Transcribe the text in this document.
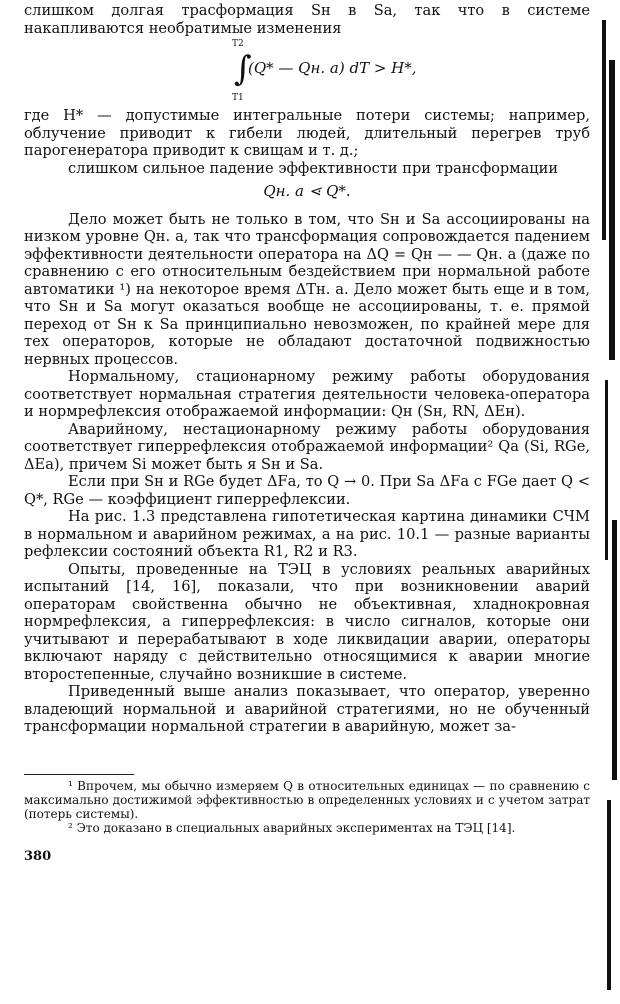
слишком долгая трасформация Sн в Sа, так что в системе накапливаются необратимые изменения

T2
∫
T1
(Q* — Qн. а) dT > H*,

где H* — допустимые интегральные потери системы; например, облучение приводит к гибели людей, длительный перегрев труб парогенератора приводит к свищам и т. д.;

слишком сильное падение эффективности при трансформации

Qн. а ⋖ Q*.

Дело может быть не только в том, что Sн и Sа ассоциированы на низком уровне Qн. а, так что трансформация сопровождается падением эффективности деятельности оператора на ΔQ = Qн — — Qн. а (даже по сравнению с его относительным бездействием при нормальной работе автоматики ¹) на некоторое время ΔTн. а. Дело может быть еще и в том, что Sн и Sа могут оказаться вообще не ассоциированы, т. е. прямой переход от Sн к Sа принципиально невозможен, по крайней мере для тех операторов, которые не обладают достаточной подвижностью нервных процессов.

Нормальному, стационарному режиму работы оборудования соответствует нормальная стратегия деятельности человека-оператора и нормрефлексия отображаемой информации: Qн (Sн, RN, ΔEн).

Аварийному, нестационарному режиму работы оборудования соответствует гиперрефлексия отображаемой информации² Qа (Si, RGe, ΔEа), причем Si может быть я Sн и Sа.

Если при Sн и RGe будет ΔFа, то Q → 0. При Sа ΔFа с FGe дает Q < Q*, RGe — коэффициент гиперрефлексии.

На рис. 1.3 представлена гипотетическая картина динамики СЧМ в нормальном и аварийном режимах, а на рис. 10.1 — разные варианты рефлексии состояний объекта R1, R2 и R3.

Опыты, проведенные на ТЭЦ в условиях реальных аварийных испытаний [14, 16], показали, что при возникновении аварий операторам свойственна обычно не объективная, хладнокровная нормрефлексия, а гиперрефлексия: в число сигналов, которые они учитывают и перерабатывают в ходе ликвидации аварии, операторы включают наряду с действительно относящимися к аварии многие второстепенные, случайно возникшие в системе.

Приведенный выше анализ показывает, что оператор, уверенно владеющий нормальной и аварийной стратегиями, но не обученный трансформации нормальной стратегии в аварийную, может за-

¹ Впрочем, мы обычно измеряем Q в относительных единицах — по сравнению с максимально достижимой эффективностью в определенных условиях и с учетом затрат (потерь системы).

² Это доказано в специальных аварийных экспериментах на ТЭЦ [14].

380
